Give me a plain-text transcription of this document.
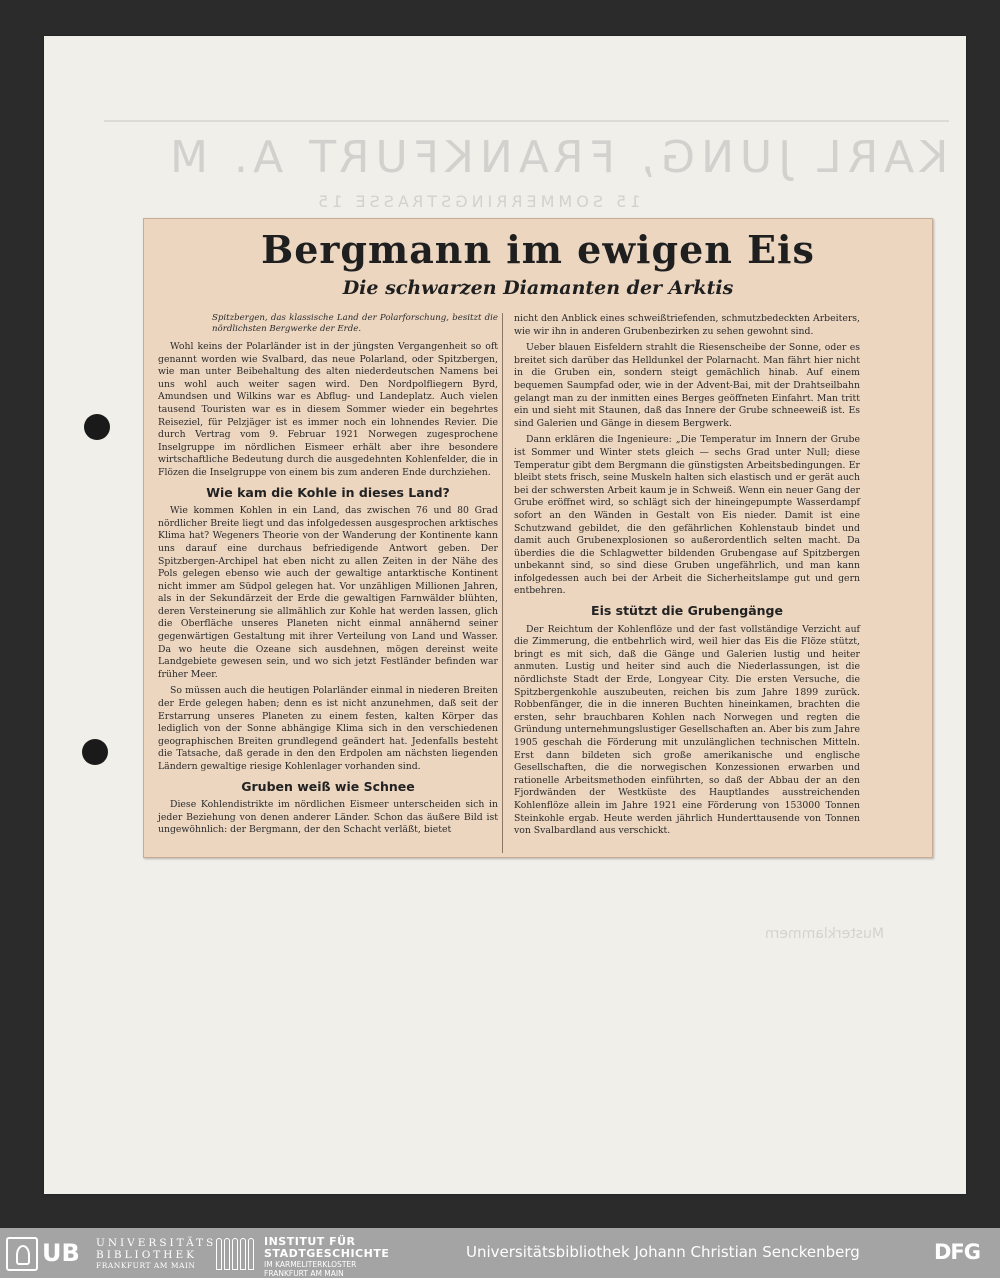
KARL JUNG, FRANKFURT A. M
15 SOMMERRINGSTRASSE 15
Musterklammern
Bergmann im ewigen Eis
Die schwarzen Diamanten der Arktis

Spitzbergen, das klassische Land der Polarforschung, besitzt die nördlichsten Bergwerke der Erde.

Wohl keins der Polarländer ist in der jüngsten Vergangenheit so oft genannt worden wie Svalbard, das neue Polarland, oder Spitzbergen, wie man unter Beibehaltung des alten niederdeutschen Namens bei uns wohl auch weiter sagen wird. Den Nordpolfliegern Byrd, Amundsen und Wilkins war es Abflug- und Landeplatz. Auch vielen tausend Touristen war es in diesem Sommer wieder ein begehrtes Reiseziel, für Pelzjäger ist es immer noch ein lohnendes Revier. Die durch Vertrag vom 9. Februar 1921 Norwegen zugesprochene Inselgruppe im nördlichen Eismeer erhält aber ihre besondere wirtschaftliche Bedeutung durch die ausgedehnten Kohlenfelder, die in Flözen die Inselgruppe von einem bis zum anderen Ende durchziehen.

Wie kam die Kohle in dieses Land?

Wie kommen Kohlen in ein Land, das zwischen 76 und 80 Grad nördlicher Breite liegt und das infolgedessen ausgesprochen arktisches Klima hat? Wegeners Theorie von der Wanderung der Kontinente kann uns darauf eine durchaus befriedigende Antwort geben. Der Spitzbergen-Archipel hat eben nicht zu allen Zeiten in der Nähe des Pols gelegen ebenso wie auch der gewaltige antarktische Kontinent nicht immer am Südpol gelegen hat. Vor unzähligen Millionen Jahren, als in der Sekundärzeit der Erde die gewaltigen Farnwälder blühten, deren Versteinerung sie allmählich zur Kohle hat werden lassen, glich die Oberfläche unseres Planeten nicht einmal annähernd seiner gegenwärtigen Gestaltung mit ihrer Verteilung von Land und Wasser. Da wo heute die Ozeane sich ausdehnen, mögen dereinst weite Landgebiete gewesen sein, und wo sich jetzt Festländer befinden war früher Meer.

So müssen auch die heutigen Polarländer einmal in niederen Breiten der Erde gelegen haben; denn es ist nicht anzunehmen, daß seit der Erstarrung unseres Planeten zu einem festen, kalten Körper das lediglich von der Sonne abhängige Klima sich in den verschiedenen geographischen Breiten grundlegend geändert hat. Jedenfalls besteht die Tatsache, daß gerade in den den Erdpolen am nächsten liegenden Ländern gewaltige riesige Kohlenlager vorhanden sind.

Gruben weiß wie Schnee

Diese Kohlendistrikte im nördlichen Eismeer unterscheiden sich in jeder Beziehung von denen anderer Länder. Schon das äußere Bild ist ungewöhnlich: der Bergmann, der den Schacht verläßt, bietet

nicht den Anblick eines schweißtriefenden, schmutzbedeckten Arbeiters, wie wir ihn in anderen Grubenbezirken zu sehen gewohnt sind.

Ueber blauen Eisfeldern strahlt die Riesenscheibe der Sonne, oder es breitet sich darüber das Helldunkel der Polarnacht. Man fährt hier nicht in die Gruben ein, sondern steigt gemächlich hinab. Auf einem bequemen Saumpfad oder, wie in der Advent-Bai, mit der Drahtseilbahn gelangt man zu der inmitten eines Berges geöffneten Einfahrt. Man tritt ein und sieht mit Staunen, daß das Innere der Grube schneeweiß ist. Es sind Galerien und Gänge in diesem Bergwerk.

Dann erklären die Ingenieure: „Die Temperatur im Innern der Grube ist Sommer und Winter stets gleich — sechs Grad unter Null; diese Temperatur gibt dem Bergmann die günstigsten Arbeitsbedingungen. Er bleibt stets frisch, seine Muskeln halten sich elastisch und er gerät auch bei der schwersten Arbeit kaum je in Schweiß. Wenn ein neuer Gang der Grube eröffnet wird, so schlägt sich der hineingepumpte Wasserdampf sofort an den Wänden in Gestalt von Eis nieder. Damit ist eine Schutzwand gebildet, die den gefährlichen Kohlenstaub bindet und damit auch Grubenexplosionen so außerordentlich selten macht. Da überdies die die Schlagwetter bildenden Grubengase auf Spitzbergen unbekannt sind, so sind diese Gruben ungefährlich, und man kann infolgedessen auch bei der Arbeit die Sicherheitslampe gut und gern entbehren.

Eis stützt die Grubengänge

Der Reichtum der Kohlenflöze und der fast vollständige Verzicht auf die Zimmerung, die entbehrlich wird, weil hier das Eis die Flöze stützt, bringt es mit sich, daß die Gänge und Galerien lustig und heiter anmuten. Lustig und heiter sind auch die Niederlassungen, ist die nördlichste Stadt der Erde, Longyear City. Die ersten Versuche, die Spitzbergenkohle auszubeuten, reichen bis zum Jahre 1899 zurück. Robbenfänger, die in die inneren Buchten hineinkamen, brachten die ersten, sehr brauchbaren Kohlen nach Norwegen und regten die Gründung unternehmungslustiger Gesellschaften an. Aber bis zum Jahre 1905 geschah die Förderung mit unzulänglichen technischen Mitteln. Erst dann bildeten sich große amerikanische und englische Gesellschaften, die die norwegischen Konzessionen erwarben und rationelle Arbeitsmethoden einführten, so daß der Abbau der an den Fjordwänden der Westküste des Hauptlandes ausstreichenden Kohlenflöze allein im Jahre 1921 eine Förderung von 153000 Tonnen Steinkohle ergab. Heute werden jährlich Hunderttausende von Tonnen von Svalbardland aus verschickt.

UB	UNIVERSITÄTS
BIBLIOTHEK
FRANKFURT AM MAIN
INSTITUT FÜR
STADTGESCHICHTE
IM KARMELITERKLOSTER
FRANKFURT AM MAIN
Universitätsbibliothek Johann Christian Senckenberg	DFG
